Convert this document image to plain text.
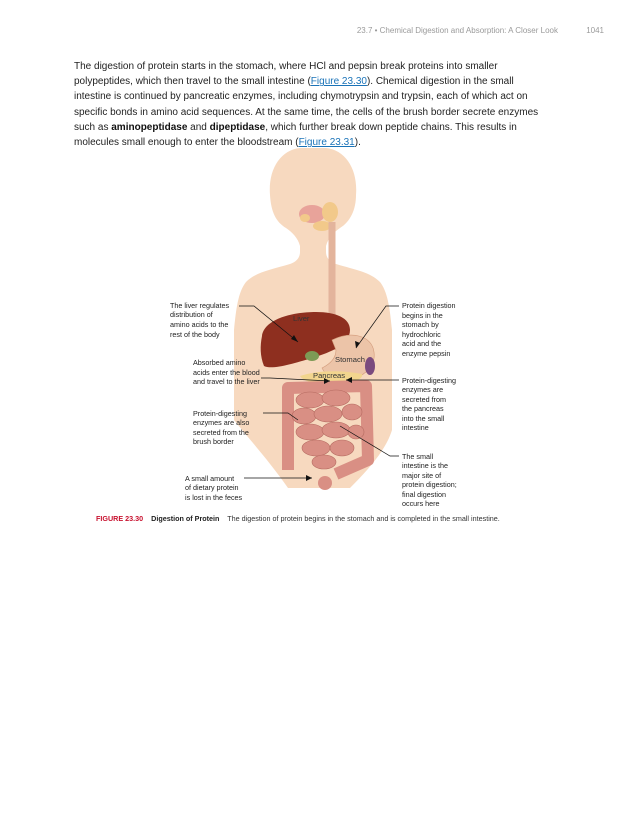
23.7 • Chemical Digestion and Absorption: A Closer Look	1041

The digestion of protein starts in the stomach, where HCl and pepsin break proteins into smaller polypeptides, which then travel to the small intestine (Figure 23.30). Chemical digestion in the small intestine is continued by pancreatic enzymes, including chymotrypsin and trypsin, each of which act on specific bonds in amino acid sequences. At the same time, the cells of the brush border secrete enzymes such as aminopeptidase and dipeptidase, which further break down peptide chains. This results in molecules small enough to enter the bloodstream (Figure 23.31).

Liver
Stomach
Pancreas
The liver regulates distribution of amino acids to the rest of the body
Absorbed amino acids enter the blood and travel to the liver
Protein-digesting enzymes are also secreted from the brush border
A small amount of dietary protein is lost in the feces
Protein digestion begins in the stomach by hydrochloric acid and the enzyme pepsin
Protein-digesting enzymes are secreted from the pancreas into the small intestine
The small intestine is the major site of protein digestion; final digestion occurs here
FIGURE 23.30 Digestion of Protein The digestion of protein begins in the stomach and is completed in the small intestine.
